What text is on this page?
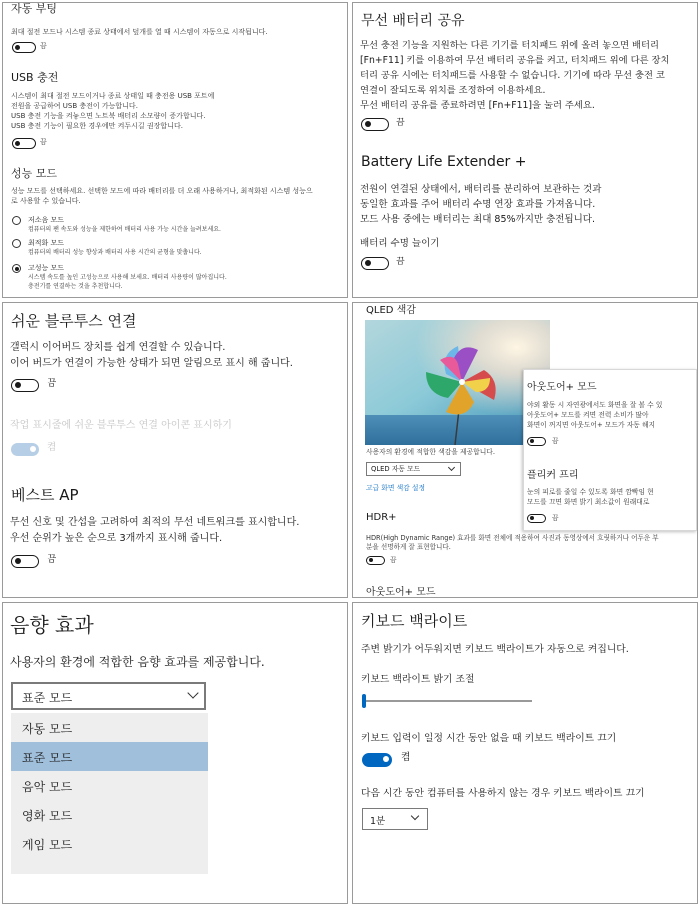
자동 부팅
최대 절전 모드나 시스템 종료 상태에서 덮개를 열 때 시스템이 자동으로 시작됩니다.
끔
USB 충전
시스템이 최대 절전 모드이거나 종료 상태일 때 충전용 USB 포트에
전원을 공급하여 USB 충전이 가능합니다.
USB 충전 기능을 켜놓으면 노트북 배터리 소모량이 증가합니다.
USB 충전 기능이 필요한 경우에만 켜두시길 권장합니다.
끔
성능 모드
성능 모드를 선택하세요. 선택한 모드에 따라 배터리를 더 오래 사용하거나, 최적화된 시스템 성능으
로 사용할 수 있습니다.
저소음 모드
컴퓨터의 팬 속도와 성능을 제한하여 배터리 사용 가능 시간을 늘려보세요.
최적화 모드
컴퓨터의 배터리 성능 향상과 배터리 사용 시간의 균형을 맞춥니다.
고성능 모드
시스템 속도를 높인 고성능으로 사용해 보세요. 배터리 사용량이 많아집니다.
충전기를 연결하는 것을 추천합니다.
무선 배터리 공유
무선 충전 기능을 지원하는 다른 기기를 터치패드 위에 올려 놓으면 배터리
[Fn+F11] 키를 이용하여 무선 배터리 공유를 켜고, 터치패드 위에 다른 장치
터리 공유 시에는 터치패드를 사용할 수 없습니다. 기기에 따라 무선 충전 코
연결이 잘되도록 위치를 조정하여 이용하세요.
무선 배터리 공유를 종료하려면 [Fn+F11]을 눌러 주세요.
끔
Battery Life Extender +
전원이 연결된 상태에서, 배터리를 분리하여 보관하는 것과
동일한 효과를 주어 배터리 수명 연장 효과를 가져옵니다.
모드 사용 중에는 배터리는 최대 85%까지만 충전됩니다.
배터리 수명 늘이기
끔
쉬운 블루투스 연결
갤럭시 이어버드 장치를 쉽게 연결할 수 있습니다.
이어 버드가 연결이 가능한 상태가 되면 알림으로 표시 해 줍니다.
끔
작업 표시줄에 쉬운 블루투스 연결 아이콘 표시하기
켬
베스트 AP
무선 신호 및 간섭을 고려하여 최적의 무선 네트워크를 표시합니다.
우선 순위가 높은 순으로 3개까지 표시해 줍니다.
끔
QLED 색감
사용자의 환경에 적합한 색감을 제공합니다.
QLED 자동 모드
고급 화면 색감 설정
HDR+
HDR(High Dynamic Range) 효과를 화면 전체에 적용하여 사진과 동영상에서 흐릿하거나 어두운 부
분을 선명하게 잘 표현합니다.
끔
아웃도어+ 모드
아웃도어+ 모드
야외 활동 시 자연광에서도 화면을 잘 볼 수 있
아웃도어+ 모드를 켜면 전력 소비가 많아
화면이 꺼지면 아웃도어+ 모드가 자동 해지
끔
플리커 프리
눈의 피로를 줄일 수 있도록 화면 깜빡임 현
모드를 끄면 화면 밝기 최소값이 원래대로
끔
음향 효과
사용자의 환경에 적합한 음향 효과를 제공합니다.
표준 모드
자동 모드
표준 모드
음악 모드
영화 모드
게임 모드
키보드 백라이트
주변 밝기가 어두워지면 키보드 백라이트가 자동으로 켜집니다.
키보드 백라이트 밝기 조절
키보드 입력이 일정 시간 동안 없을 때 키보드 백라이트 끄기
켬
다음 시간 동안 컴퓨터를 사용하지 않는 경우 키보드 백라이트 끄기
1분
